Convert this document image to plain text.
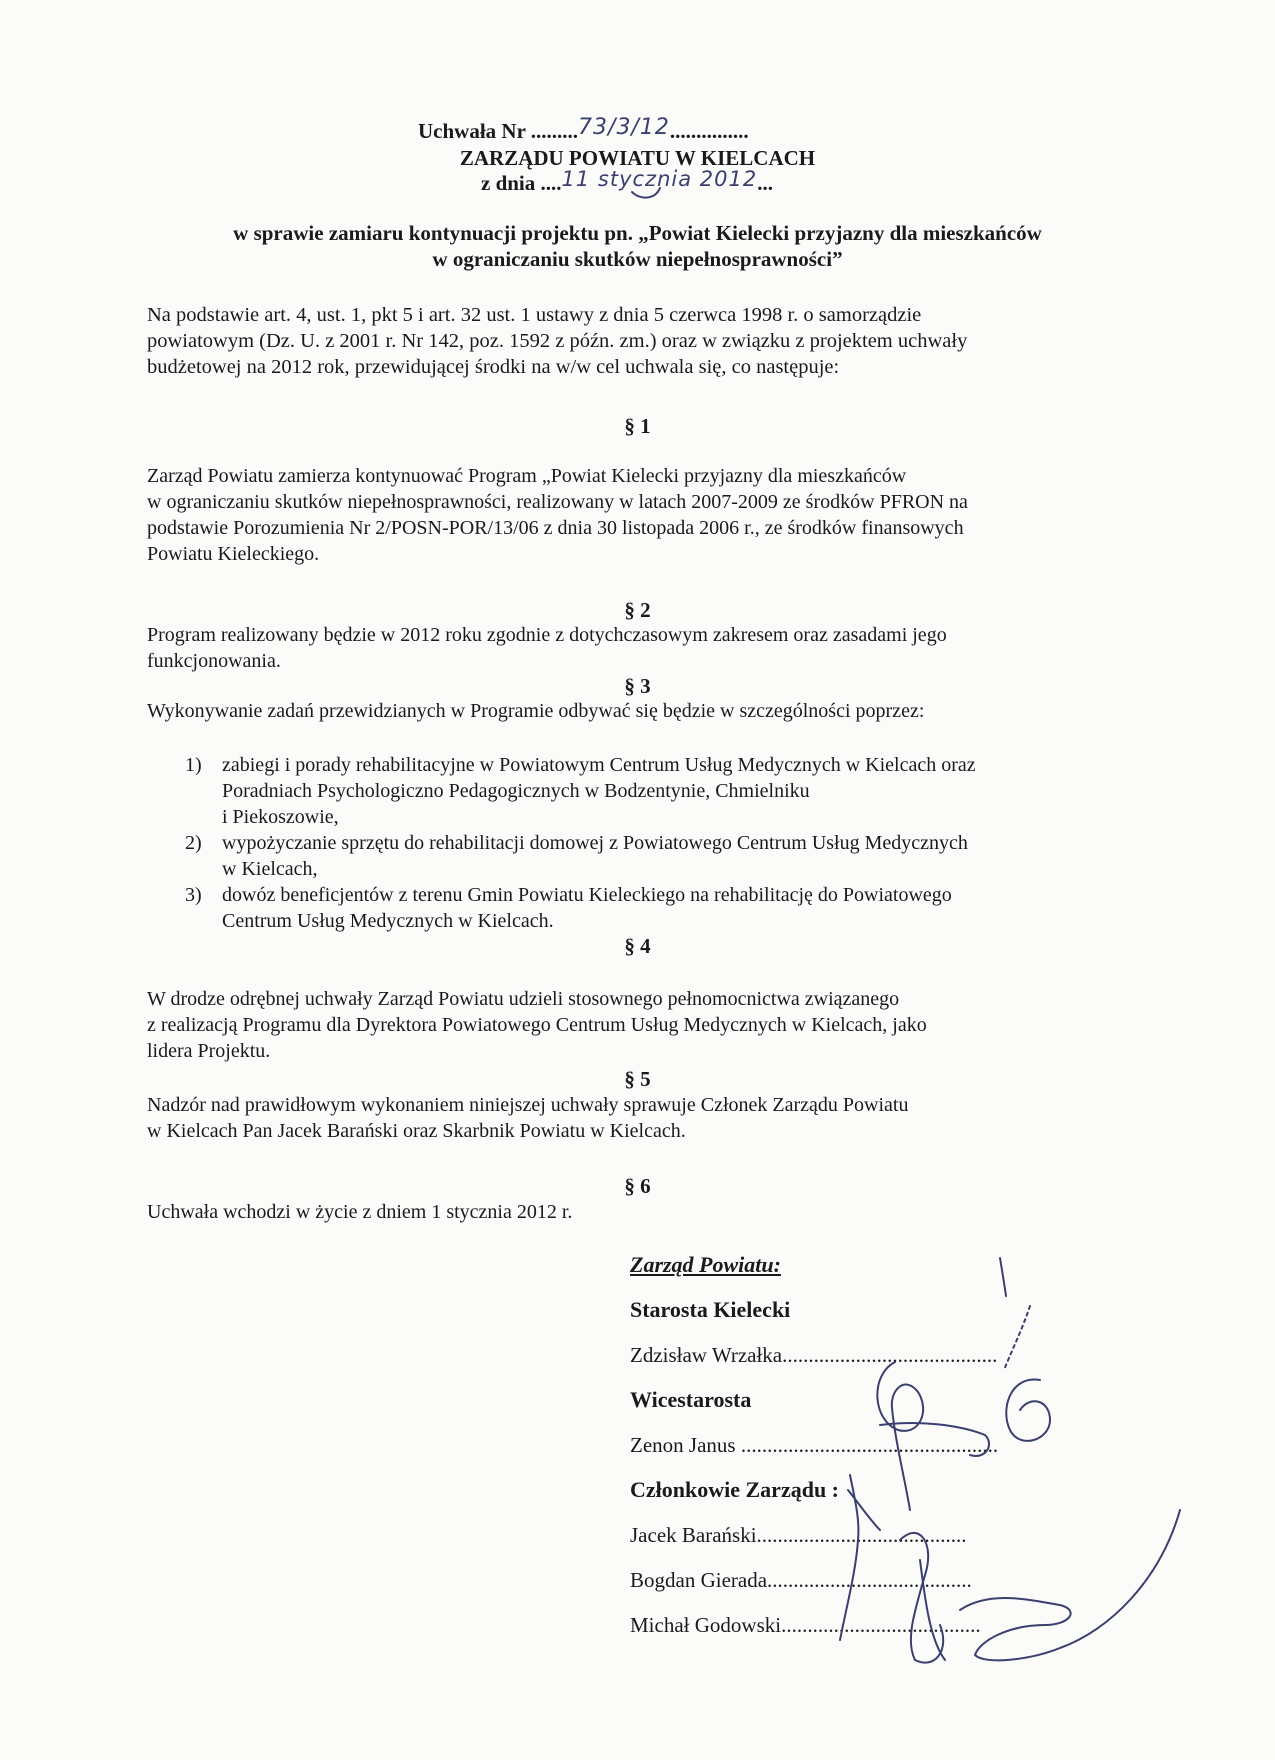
Uchwała Nr .........73/3/12...............
ZARZĄDU POWIATU W KIELCACH
z dnia ....11 stycznia 2012...
w sprawie zamiaru kontynuacji projektu pn. „Powiat Kielecki przyjazny dla mieszkańców
w ograniczaniu skutków niepełnosprawności”
Na podstawie art. 4, ust. 1, pkt 5 i art. 32 ust. 1 ustawy z dnia 5 czerwca 1998 r. o samorządzie
powiatowym (Dz. U. z 2001 r. Nr 142, poz. 1592 z późn. zm.) oraz w związku z projektem uchwały
budżetowej na 2012 rok, przewidującej środki na w/w cel uchwala się, co następuje:
§ 1
Zarząd Powiatu zamierza kontynuować Program „Powiat Kielecki przyjazny dla mieszkańców
w ograniczaniu skutków niepełnosprawności, realizowany w latach 2007-2009 ze środków PFRON na
podstawie Porozumienia Nr 2/POSN-POR/13/06 z dnia 30 listopada 2006 r., ze środków finansowych
Powiatu Kieleckiego.
§ 2
Program realizowany będzie w 2012 roku zgodnie z dotychczasowym zakresem oraz zasadami jego
funkcjonowania.
§ 3
Wykonywanie zadań przewidzianych w Programie odbywać się będzie w szczególności poprzez:
1) zabiegi i porady rehabilitacyjne w Powiatowym Centrum Usług Medycznych w Kielcach oraz
Poradniach Psychologiczno Pedagogicznych w Bodzentynie, Chmielniku
i Piekoszowie,
2) wypożyczanie sprzętu do rehabilitacji domowej z Powiatowego Centrum Usług Medycznych
w Kielcach,
3) dowóz beneficjentów z terenu Gmin Powiatu Kieleckiego na rehabilitację do Powiatowego
Centrum Usług Medycznych w Kielcach.
§ 4
W drodze odrębnej uchwały Zarząd Powiatu udzieli stosownego pełnomocnictwa związanego
z realizacją Programu dla Dyrektora Powiatowego Centrum Usług Medycznych w Kielcach, jako
lidera Projektu.
§ 5
Nadzór nad prawidłowym wykonaniem niniejszej uchwały sprawuje Członek Zarządu Powiatu
w Kielcach Pan Jacek Barański oraz Skarbnik Powiatu w Kielcach.
§ 6
Uchwała wchodzi w życie z dniem 1 stycznia 2012 r.
Zarząd Powiatu:
Starosta Kielecki
Zdzisław Wrzałka.........................................
Wicestarosta
Zenon Janus .................................................
Członkowie Zarządu :
Jacek Barański........................................
Bogdan Gierada.......................................
Michał Godowski......................................
